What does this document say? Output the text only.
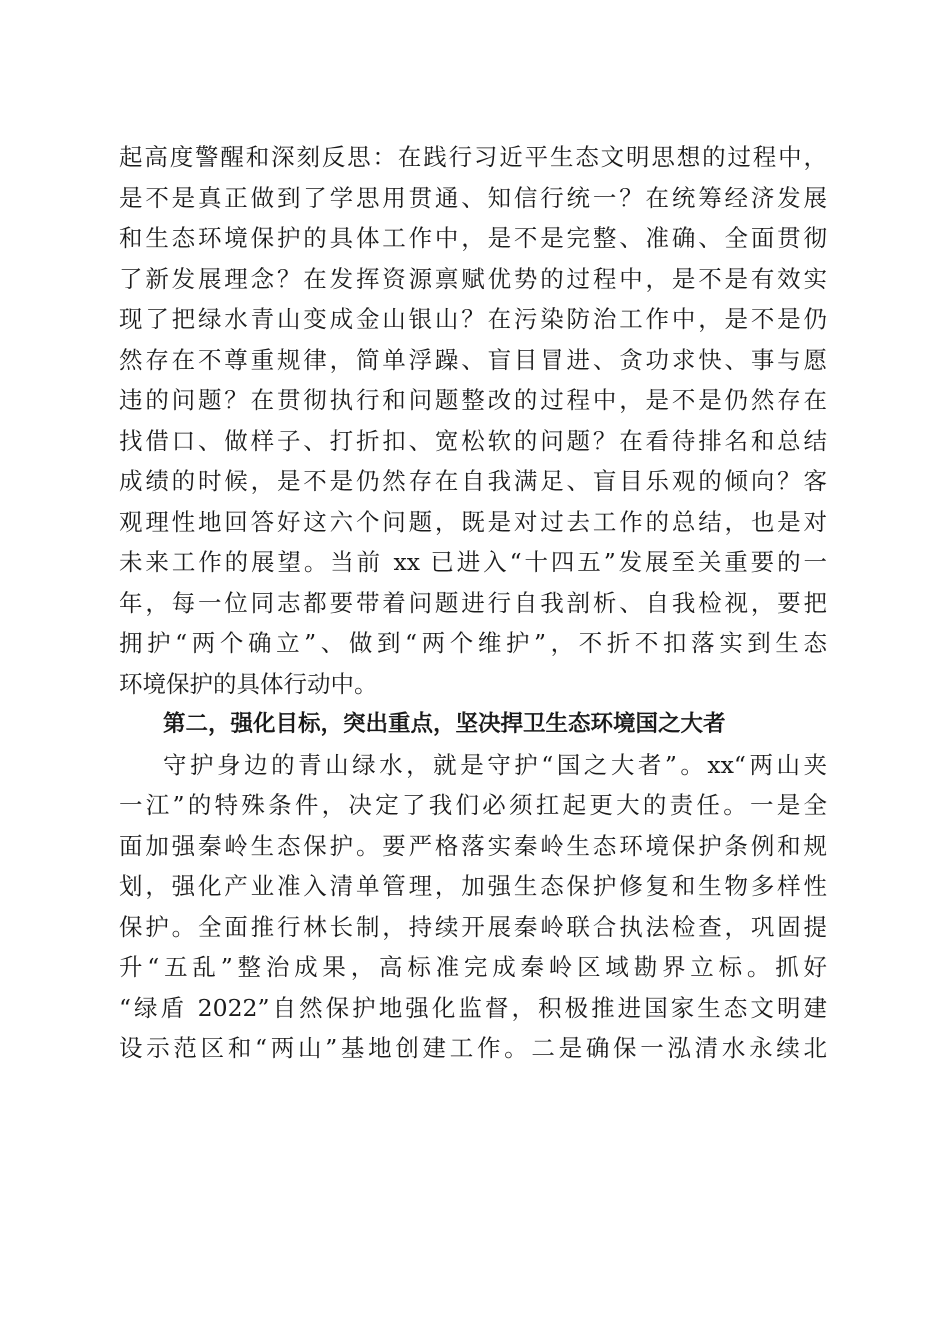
起高度警醒和深刻反思：在践行习近平生态文明思想的过程中，
是不是真正做到了学思用贯通、知信行统一？在统筹经济发展
和生态环境保护的具体工作中，是不是完整、准确、全面贯彻
了新发展理念？在发挥资源禀赋优势的过程中，是不是有效实
现了把绿水青山变成金山银山？在污染防治工作中，是不是仍
然存在不尊重规律，简单浮躁、盲目冒进、贪功求快、事与愿
违的问题？在贯彻执行和问题整改的过程中，是不是仍然存在
找借口、做样子、打折扣、宽松软的问题？在看待排名和总结
成绩的时候，是不是仍然存在自我满足、盲目乐观的倾向？客
观理性地回答好这六个问题，既是对过去工作的总结，也是对
未来工作的展望。当前 xx 已进入“十四五”发展至关重要的一
年，每一位同志都要带着问题进行自我剖析、自我检视，要把
拥护“两个确立”、做到“两个维护”，不折不扣落实到生态
环境保护的具体行动中。
第二，强化目标，突出重点，坚决捍卫生态环境国之大者
守护身边的青山绿水，就是守护“国之大者”。xx“两山夹
一江”的特殊条件，决定了我们必须扛起更大的责任。一是全
面加强秦岭生态保护。要严格落实秦岭生态环境保护条例和规
划，强化产业准入清单管理，加强生态保护修复和生物多样性
保护。全面推行林长制，持续开展秦岭联合执法检查，巩固提
升“五乱”整治成果，高标准完成秦岭区域勘界立标。抓好
“绿盾 2022”自然保护地强化监督，积极推进国家生态文明建
设示范区和“两山”基地创建工作。二是确保一泓清水永续北
